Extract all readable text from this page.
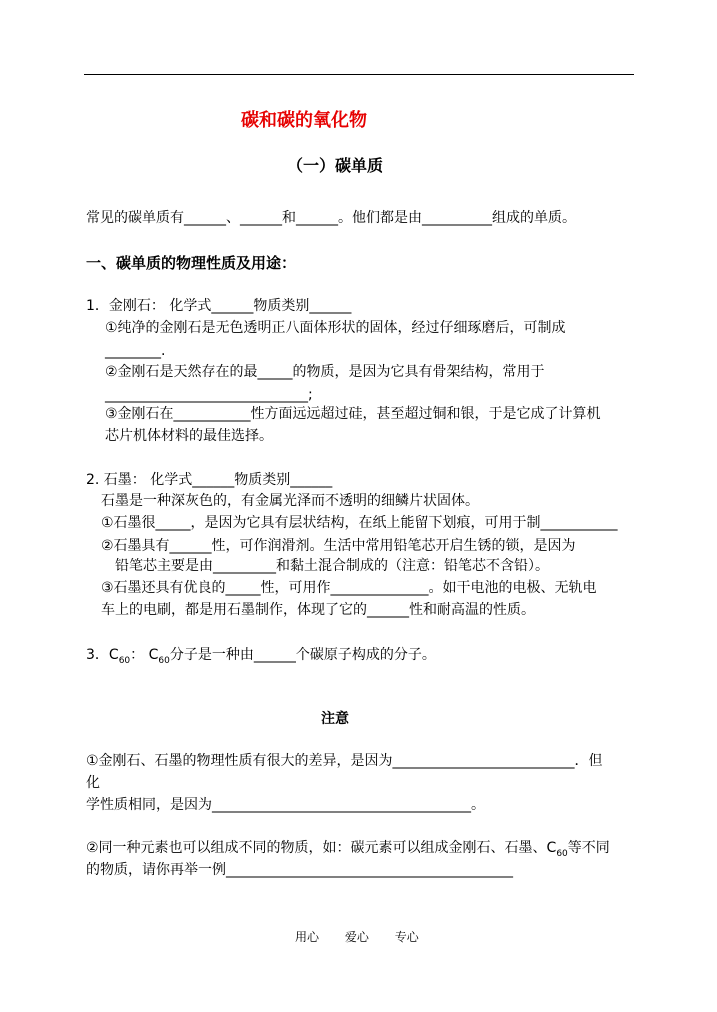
碳和碳的氧化物
（一）碳单质
常见的碳单质有______、______和______。他们都是由__________组成的单质。
一、碳单质的物理性质及用途：
1．金刚石： 化学式______物质类别______
①纯净的金刚石是无色透明正八面体形状的固体，经过仔细琢磨后，可制成
________.
②金刚石是天然存在的最_____的物质，是因为它具有骨架结构，常用于
_____________________________;
③金刚石在___________性方面远远超过硅，甚至超过铜和银，于是它成了计算机
芯片机体材料的最佳选择。
2. 石墨： 化学式______物质类别______
石墨是一种深灰色的，有金属光泽而不透明的细鳞片状固体。
①石墨很_____，是因为它具有层状结构，在纸上能留下划痕，可用于制___________
②石墨具有______性，可作润滑剂。生活中常用铅笔芯开启生锈的锁，是因为
铅笔芯主要是由_________和黏土混合制成的（注意：铅笔芯不含铅）。
③石墨还具有优良的_____性，可用作______________。如干电池的电极、无轨电
车上的电刷，都是用石墨制作，体现了它的______性和耐高温的性质。
3．$C_{60}$： $C_{60}$分子是一种由______个碳原子构成的分子。
注意
①金刚石、石墨的物理性质有很大的差异，是因为__________________________．但
化
学性质相同，是因为_____________________________________。
②同一种元素也可以组成不同的物质，如：碳元素可以组成金刚石、石墨、$C_{60}$等不同
的物质，请你再举一例_________________________________________
用心 爱心 专心
